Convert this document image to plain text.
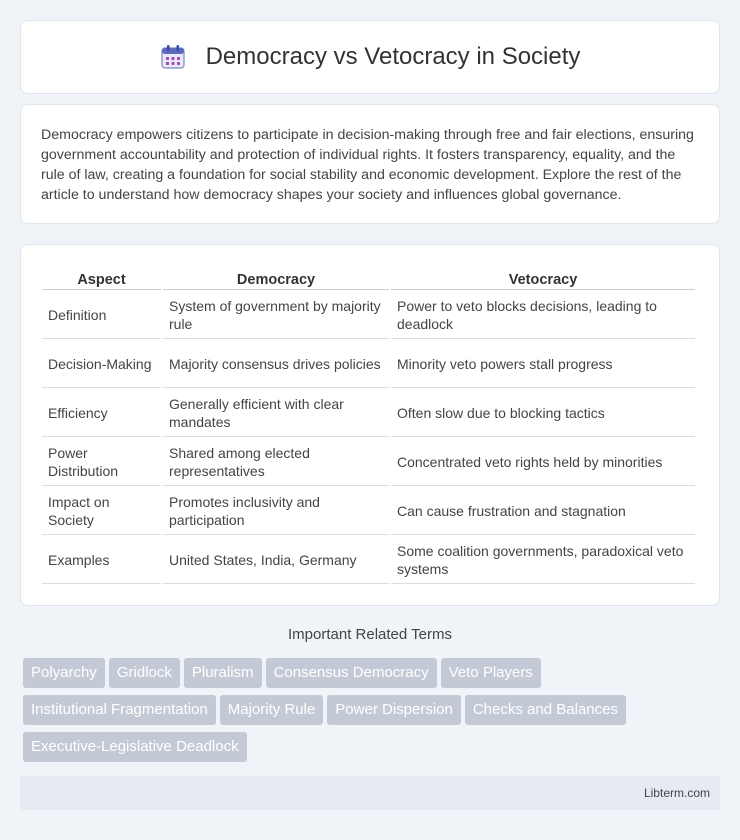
Democracy vs Vetocracy in Society

Democracy empowers citizens to participate in decision-making through free and fair elections, ensuring government accountability and protection of individual rights. It fosters transparency, equality, and the rule of law, creating a foundation for social stability and economic development. Explore the rest of the article to understand how democracy shapes your society and influences global governance.

Aspect	Democracy	Vetocracy
Definition	System of government by majority rule	Power to veto blocks decisions, leading to deadlock
Decision-Making	Majority consensus drives policies	Minority veto powers stall progress
Efficiency	Generally efficient with clear mandates	Often slow due to blocking tactics
Power Distribution	Shared among elected representatives	Concentrated veto rights held by minorities
Impact on Society	Promotes inclusivity and participation	Can cause frustration and stagnation
Examples	United States, India, Germany	Some coalition governments, paradoxical veto systems
Important Related Terms
Polyarchy	Gridlock	Pluralism	Consensus Democracy	Veto Players
Institutional Fragmentation	Majority Rule	Power Dispersion	Checks and Balances
Executive-Legislative Deadlock
Libterm.com
